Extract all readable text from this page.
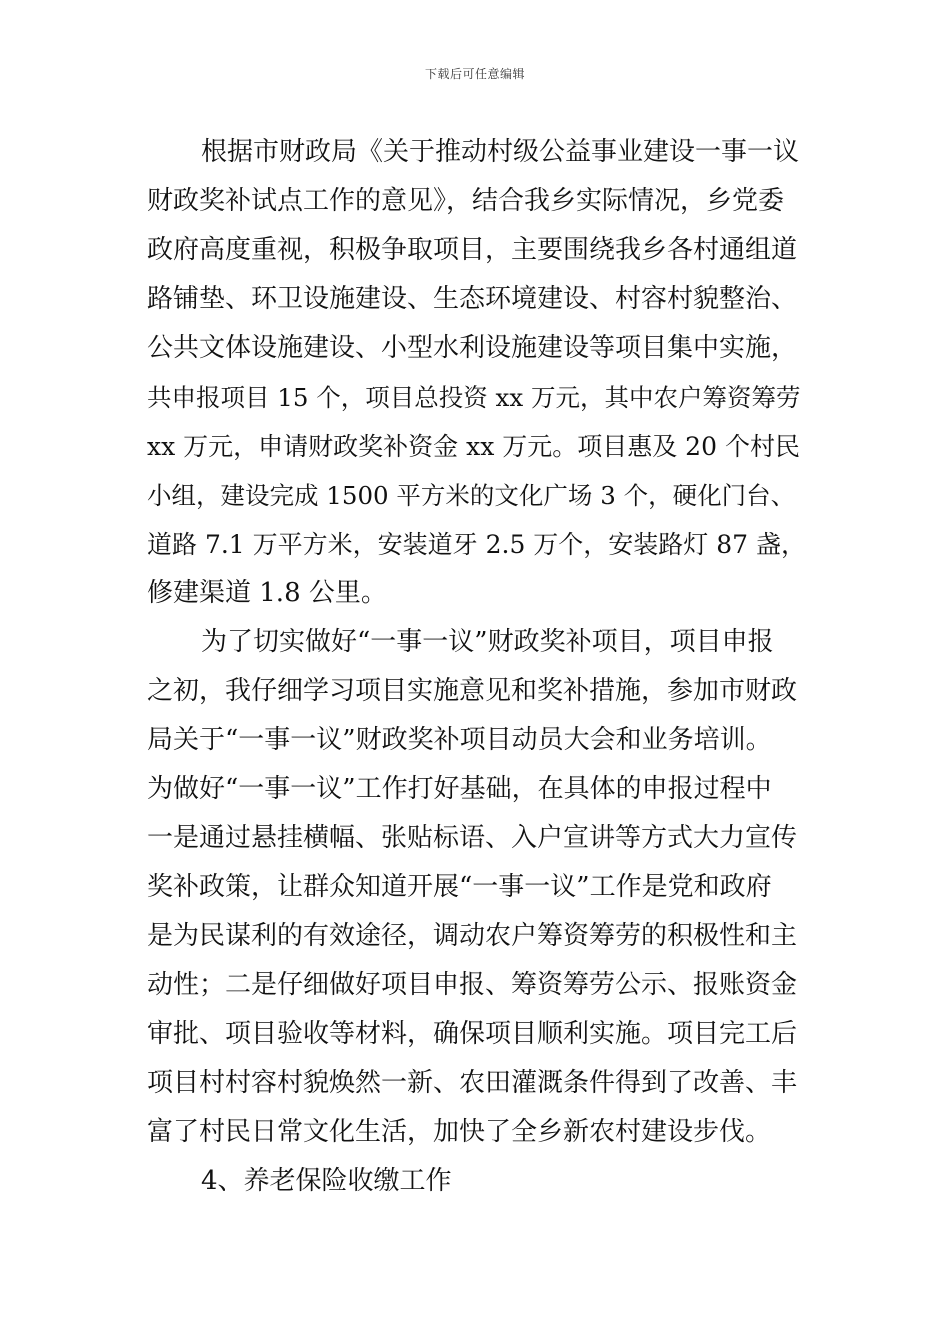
下载后可任意编辑
根据市财政局《关于推动村级公益事业建设一事一议
财政奖补试点工作的意见》，结合我乡实际情况，乡党委
政府高度重视，积极争取项目，主要围绕我乡各村通组道
路铺垫、环卫设施建设、生态环境建设、村容村貌整治、
公共文体设施建设、小型水利设施建设等项目集中实施，
共申报项目 15 个，项目总投资 xx 万元，其中农户筹资筹劳
xx 万元，申请财政奖补资金 xx 万元。项目惠及 20 个村民
小组，建设完成 1500 平方米的文化广场 3 个，硬化门台、
道路 7.1 万平方米，安装道牙 2.5 万个，安装路灯 87 盏，
修建渠道 1.8 公里。
为了切实做好“一事一议”财政奖补项目，项目申报
之初，我仔细学习项目实施意见和奖补措施，参加市财政
局关于“一事一议”财政奖补项目动员大会和业务培训。
为做好“一事一议”工作打好基础，在具体的申报过程中
一是通过悬挂横幅、张贴标语、入户宣讲等方式大力宣传
奖补政策，让群众知道开展“一事一议”工作是党和政府
是为民谋利的有效途径，调动农户筹资筹劳的积极性和主
动性；二是仔细做好项目申报、筹资筹劳公示、报账资金
审批、项目验收等材料，确保项目顺利实施。项目完工后
项目村村容村貌焕然一新、农田灌溉条件得到了改善、丰
富了村民日常文化生活，加快了全乡新农村建设步伐。
4、养老保险收缴工作
